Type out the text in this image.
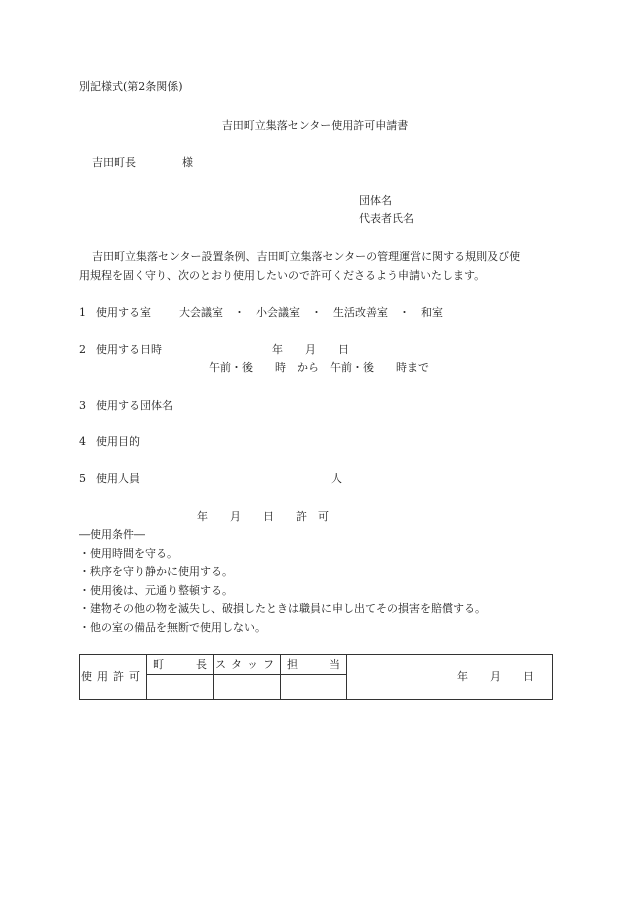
別記様式(第2条関係)
吉田町立集落センター使用許可申請書
吉田町長	様
団体名
代表者氏名
吉田町立集落センター設置条例、吉田町立集落センターの管理運営に関する規則及び使
用規程を固く守り、次のとおり使用したいので許可くださるよう申請いたします。
1 使用する室	大会議室　・　小会議室　・　生活改善室　・　和室
2 使用する日時	年　　月　　日
午前・後　　時　から　午前・後　　時まで
3 使用する団体名
4 使用目的
5 使用人員	人
年　　月　　日　　許　可
―使用条件―
・使用時間を守る。
・秩序を守り静かに使用する。
・使用後は、元通り整頓する。
・建物その他の物を滅失し、破損したときは職員に申し出てその損害を賠償する。
・他の室の備品を無断で使用しない。
使用許可	町長	スタッフ	担当	年　　月　　日
